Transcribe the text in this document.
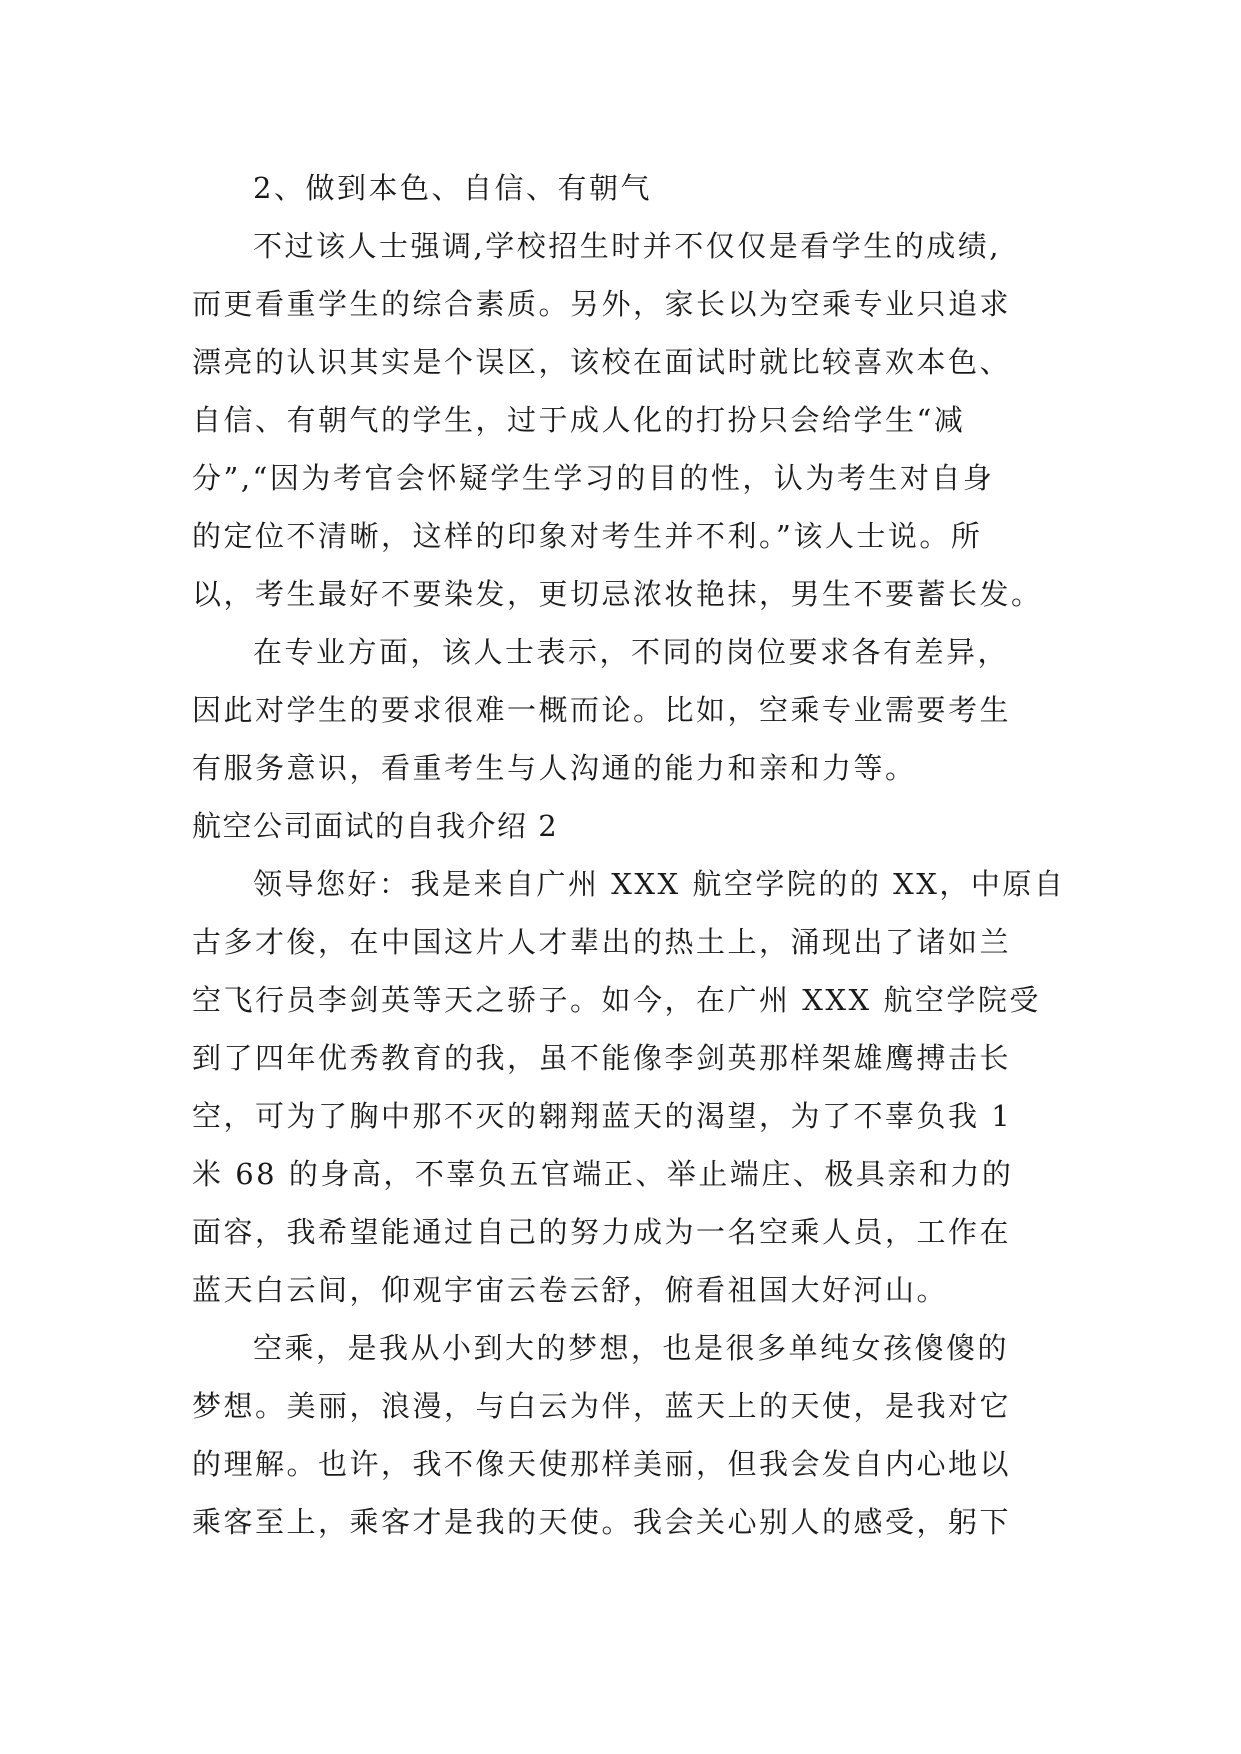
2、做到本色、自信、有朝气
不过该人士强调,学校招生时并不仅仅是看学生的成绩,
而更看重学生的综合素质。另外，家长以为空乘专业只追求
漂亮的认识其实是个误区，该校在面试时就比较喜欢本色、
自信、有朝气的学生，过于成人化的打扮只会给学生“减
分”,“因为考官会怀疑学生学习的目的性，认为考生对自身
的定位不清晰，这样的印象对考生并不利。”该人士说。所
以，考生最好不要染发，更切忌浓妆艳抹，男生不要蓄长发。
在专业方面，该人士表示，不同的岗位要求各有差异，
因此对学生的要求很难一概而论。比如，空乘专业需要考生
有服务意识，看重考生与人沟通的能力和亲和力等。
航空公司面试的自我介绍 2
领导您好：我是来自广州 XXX 航空学院的的 XX，中原自
古多才俊，在中国这片人才辈出的热土上，涌现出了诸如兰
空飞行员李剑英等天之骄子。如今，在广州 XXX 航空学院受
到了四年优秀教育的我，虽不能像李剑英那样架雄鹰搏击长
空，可为了胸中那不灭的翱翔蓝天的渴望，为了不辜负我 1
米 68 的身高，不辜负五官端正、举止端庄、极具亲和力的
面容，我希望能通过自己的努力成为一名空乘人员，工作在
蓝天白云间，仰观宇宙云卷云舒，俯看祖国大好河山。
空乘，是我从小到大的梦想，也是很多单纯女孩傻傻的
梦想。美丽，浪漫，与白云为伴，蓝天上的天使，是我对它
的理解。也许，我不像天使那样美丽，但我会发自内心地以
乘客至上，乘客才是我的天使。我会关心别人的感受，躬下
